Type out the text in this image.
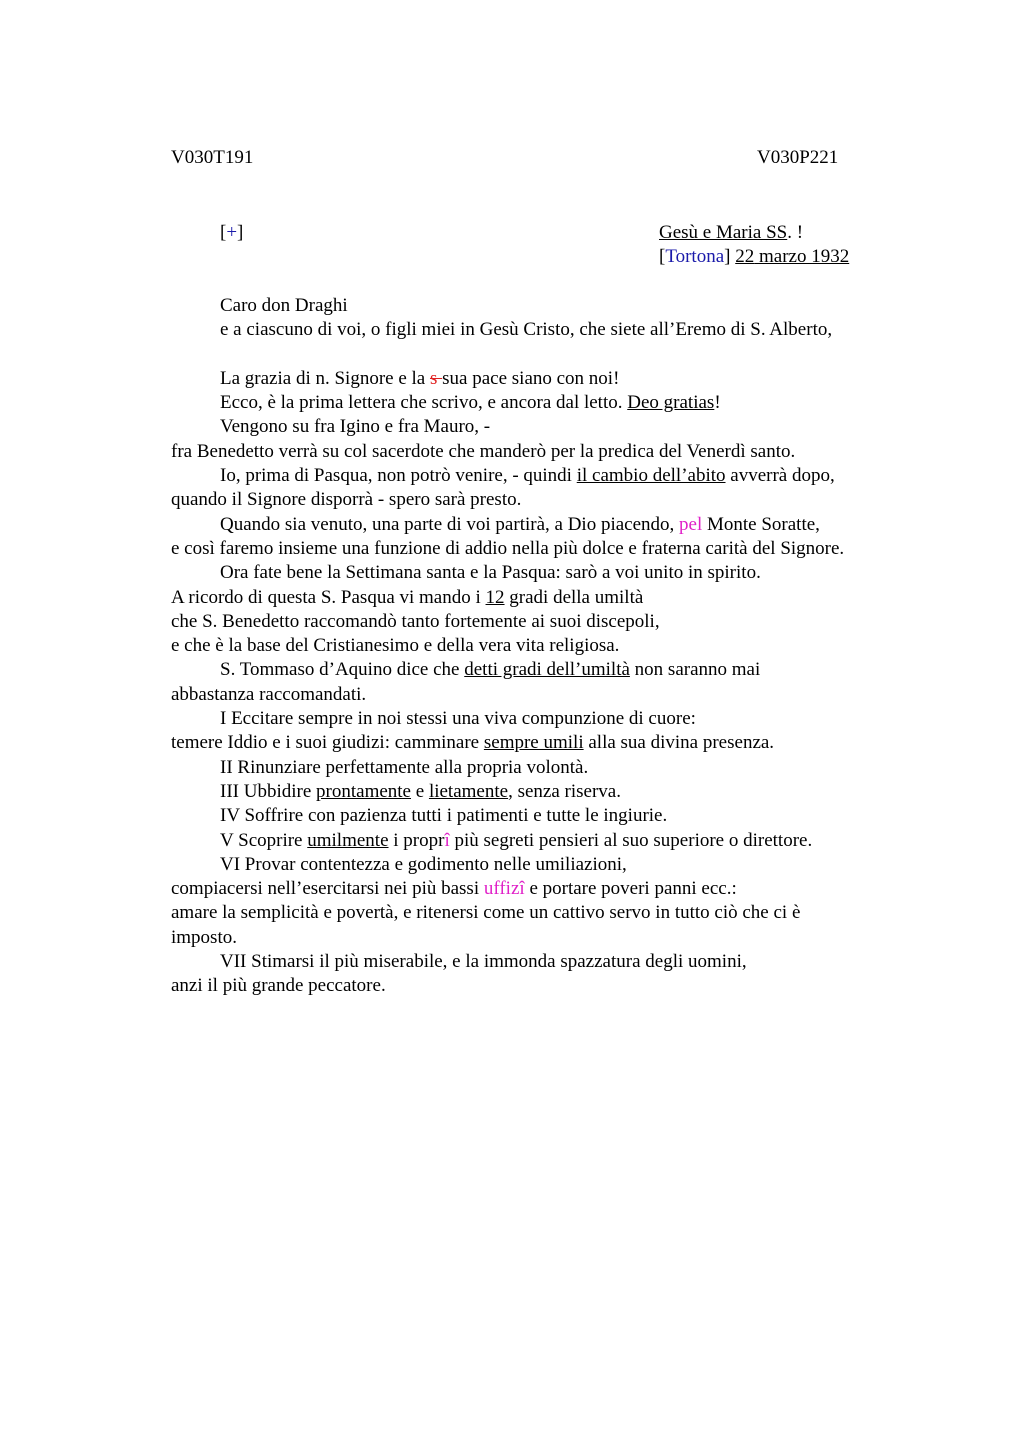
V030T191	V030P221
[+]	Gesù e Maria SS. !
[Tortona] 22 marzo 1932
Caro don Draghi
e a ciascuno di voi, o figli miei in Gesù Cristo, che siete all’Eremo di S. Alberto,
La grazia di n. Signore e la s sua pace siano con noi!
Ecco, è la prima lettera che scrivo, e ancora dal letto. Deo gratias!
Vengono su fra Igino e fra Mauro, -
fra Benedetto verrà su col sacerdote che manderò per la predica del Venerdì santo.
Io, prima di Pasqua, non potrò venire, - quindi il cambio dell’abito avverrà dopo,
quando il Signore disporrà - spero sarà presto.
Quando sia venuto, una parte di voi partirà, a Dio piacendo, pel Monte Soratte,
e così faremo insieme una funzione di addio nella più dolce e fraterna carità del Signore.
Ora fate bene la Settimana santa e la Pasqua: sarò a voi unito in spirito.
A ricordo di questa S. Pasqua vi mando i 12 gradi della umiltà
che S. Benedetto raccomandò tanto fortemente ai suoi discepoli,
e che è la base del Cristianesimo e della vera vita religiosa.
S. Tommaso d’Aquino dice che detti gradi dell’umiltà non saranno mai
abbastanza raccomandati.
I Eccitare sempre in noi stessi una viva compunzione di cuore:
temere Iddio e i suoi giudizi: camminare sempre umili alla sua divina presenza.
II Rinunziare perfettamente alla propria volontà.
III Ubbidire prontamente e lietamente, senza riserva.
IV Soffrire con pazienza tutti i patimenti e tutte le ingiurie.
V Scoprire umilmente i proprî più segreti pensieri al suo superiore o direttore.
VI Provar contentezza e godimento nelle umiliazioni,
compiacersi nell’esercitarsi nei più bassi uffizî e portare poveri panni ecc.:
amare la semplicità e povertà, e ritenersi come un cattivo servo in tutto ciò che ci è
imposto.
VII Stimarsi il più miserabile, e la immonda spazzatura degli uomini,
anzi il più grande peccatore.
